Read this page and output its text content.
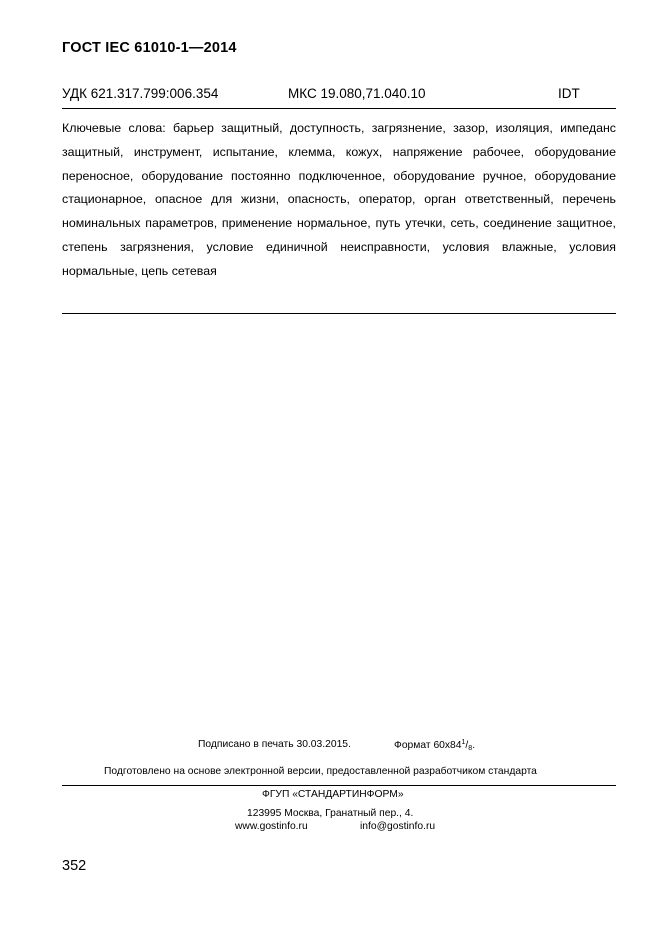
ГОСТ IEC 61010-1—2014
УДК 621.317.799:006.354	МКС 19.080,71.040.10	IDT
Ключевые слова: барьер защитный, доступность, загрязнение, зазор, изоляция, импеданс защитный, инструмент, испытание, клемма, кожух, напряжение рабочее, оборудование переносное, оборудование постоянно подключенное, оборудование ручное, оборудование стационарное, опасное для жизни, опасность, оператор, орган ответственный, перечень номинальных параметров, применение нормальное, путь утечки, сеть, соединение защитное, степень загрязнения, условие единичной неисправности, условия влажные, условия нормальные, цепь сетевая
Подписано в печать 30.03.2015.	Формат $60x84^1/_8$.
Подготовлено на основе электронной версии, предоставленной разработчиком стандарта
ФГУП «СТАНДАРТИНФОРМ»
123995 Москва, Гранатный пер., 4.
www.gostinfo.ru	info@gostinfo.ru
352
